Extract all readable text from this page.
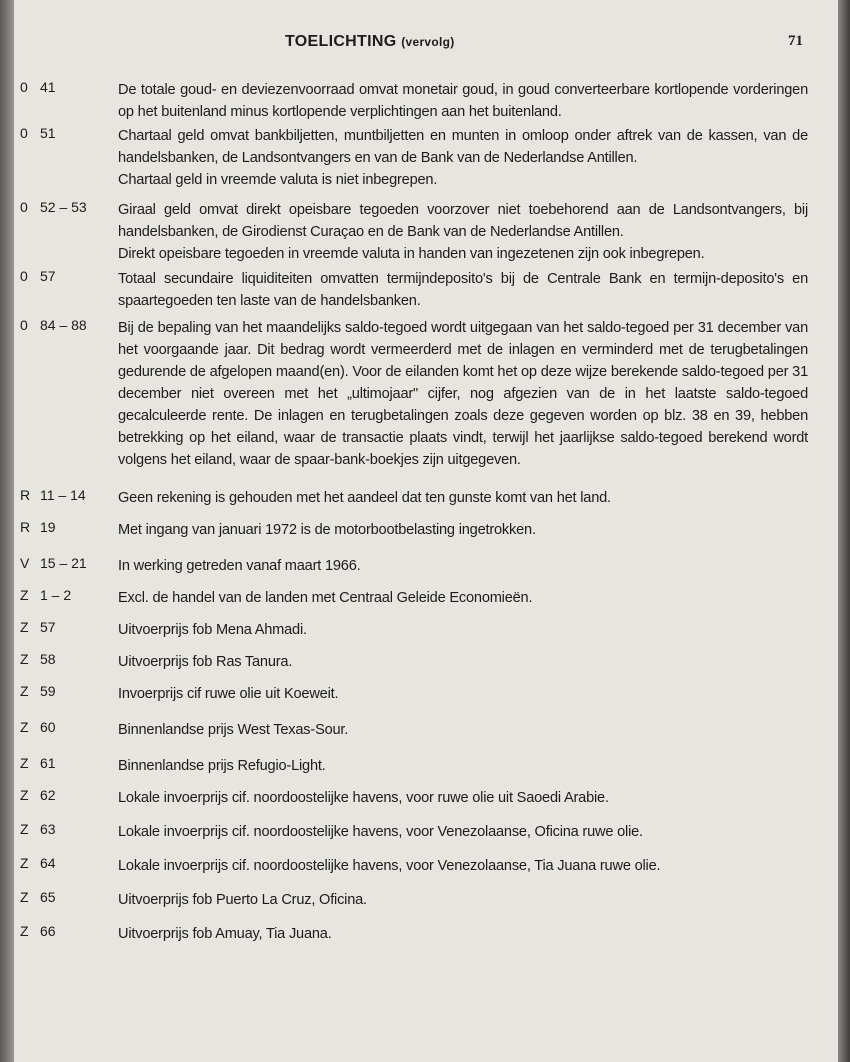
TOELICHTING (vervolg)	71
0 41	De totale goud- en deviezenvoorraad omvat monetair goud, in goud converteerbare kortlopende vorderingen op het buitenland minus kortlopende verplichtingen aan het buitenland.

0 51	Chartaal geld omvat bankbiljetten, muntbiljetten en munten in omloop onder aftrek van de kassen, van de handelsbanken, de Landsontvangers en van de Bank van de Nederlandse Antillen.

Chartaal geld in vreemde valuta is niet inbegrepen.

0 52 – 53	Giraal geld omvat direkt opeisbare tegoeden voorzover niet toebehorend aan de Landsontvangers, bij handelsbanken, de Girodienst Curaçao en de Bank van de Nederlandse Antillen.

Direkt opeisbare tegoeden in vreemde valuta in handen van ingezetenen zijn ook inbegrepen.

0 57	Totaal secundaire liquiditeiten omvatten termijndeposito's bij de Centrale Bank en termijn-deposito's en spaartegoeden ten laste van de handelsbanken.

0 84 – 88	Bij de bepaling van het maandelijks saldo-tegoed wordt uitgegaan van het saldo-tegoed per 31 december van het voorgaande jaar. Dit bedrag wordt vermeerderd met de inlagen en verminderd met de terugbetalingen gedurende de afgelopen maand(en). Voor de eilanden komt het op deze wijze berekende saldo-tegoed per 31 december niet overeen met het „ultimojaar" cijfer, nog afgezien van de in het laatste saldo-tegoed gecalculeerde rente. De inlagen en terugbetalingen zoals deze gegeven worden op blz. 38 en 39, hebben betrekking op het eiland, waar de transactie plaats vindt, terwijl het jaarlijkse saldo-tegoed berekend wordt volgens het eiland, waar de spaar-bank-boekjes zijn uitgegeven.

R 11 – 14	Geen rekening is gehouden met het aandeel dat ten gunste komt van het land.

R 19	Met ingang van januari 1972 is de motorbootbelasting ingetrokken.

V 15 – 21	In werking getreden vanaf maart 1966.

Z 1 – 2	Excl. de handel van de landen met Centraal Geleide Economieën.

Z 57	Uitvoerprijs fob Mena Ahmadi.

Z 58	Uitvoerprijs fob Ras Tanura.

Z 59	Invoerprijs cif ruwe olie uit Koeweit.

Z 60	Binnenlandse prijs West Texas-Sour.

Z 61	Binnenlandse prijs Refugio-Light.

Z 62	Lokale invoerprijs cif. noordoostelijke havens, voor ruwe olie uit Saoedi Arabie.

Z 63	Lokale invoerprijs cif. noordoostelijke havens, voor Venezolaanse, Oficina ruwe olie.

Z 64	Lokale invoerprijs cif. noordoostelijke havens, voor Venezolaanse, Tia Juana ruwe olie.

Z 65	Uitvoerprijs fob Puerto La Cruz, Oficina.

Z 66	Uitvoerprijs fob Amuay, Tia Juana.
